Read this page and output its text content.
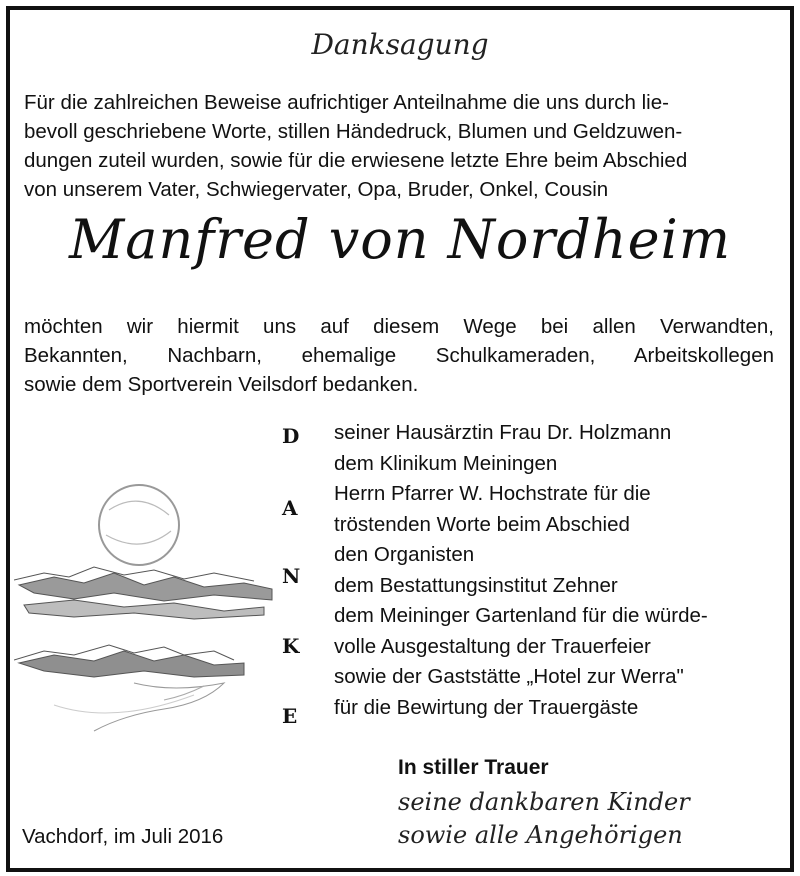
Danksagung
Für die zahlreichen Beweise aufrichtiger Anteilnahme die uns durch lie-
bevoll geschriebene Worte, stillen Händedruck, Blumen und Geldzuwen-
dungen zuteil wurden, sowie für die erwiesene letzte Ehre beim Abschied
von unserem Vater, Schwiegervater, Opa, Bruder, Onkel, Cousin
Manfred von Nordheim
möchten wir hiermit uns auf diesem Wege bei allen Verwandten,
Bekannten, Nachbarn, ehemalige Schulkameraden, Arbeitskollegen
sowie dem Sportverein Veilsdorf bedanken.
D
A
N
K
E
seiner Hausärztin Frau Dr. Holzmann
dem Klinikum Meiningen
Herrn Pfarrer W. Hochstrate für die
tröstenden Worte beim Abschied
den Organisten
dem Bestattungsinstitut Zehner
dem Meininger Gartenland für die würde-
volle Ausgestaltung der Trauerfeier
sowie der Gaststätte „Hotel zur Werra"
für die Bewirtung der Trauergäste
In stiller Trauer
seine dankbaren Kinder
sowie alle Angehörigen
Vachdorf, im Juli 2016
